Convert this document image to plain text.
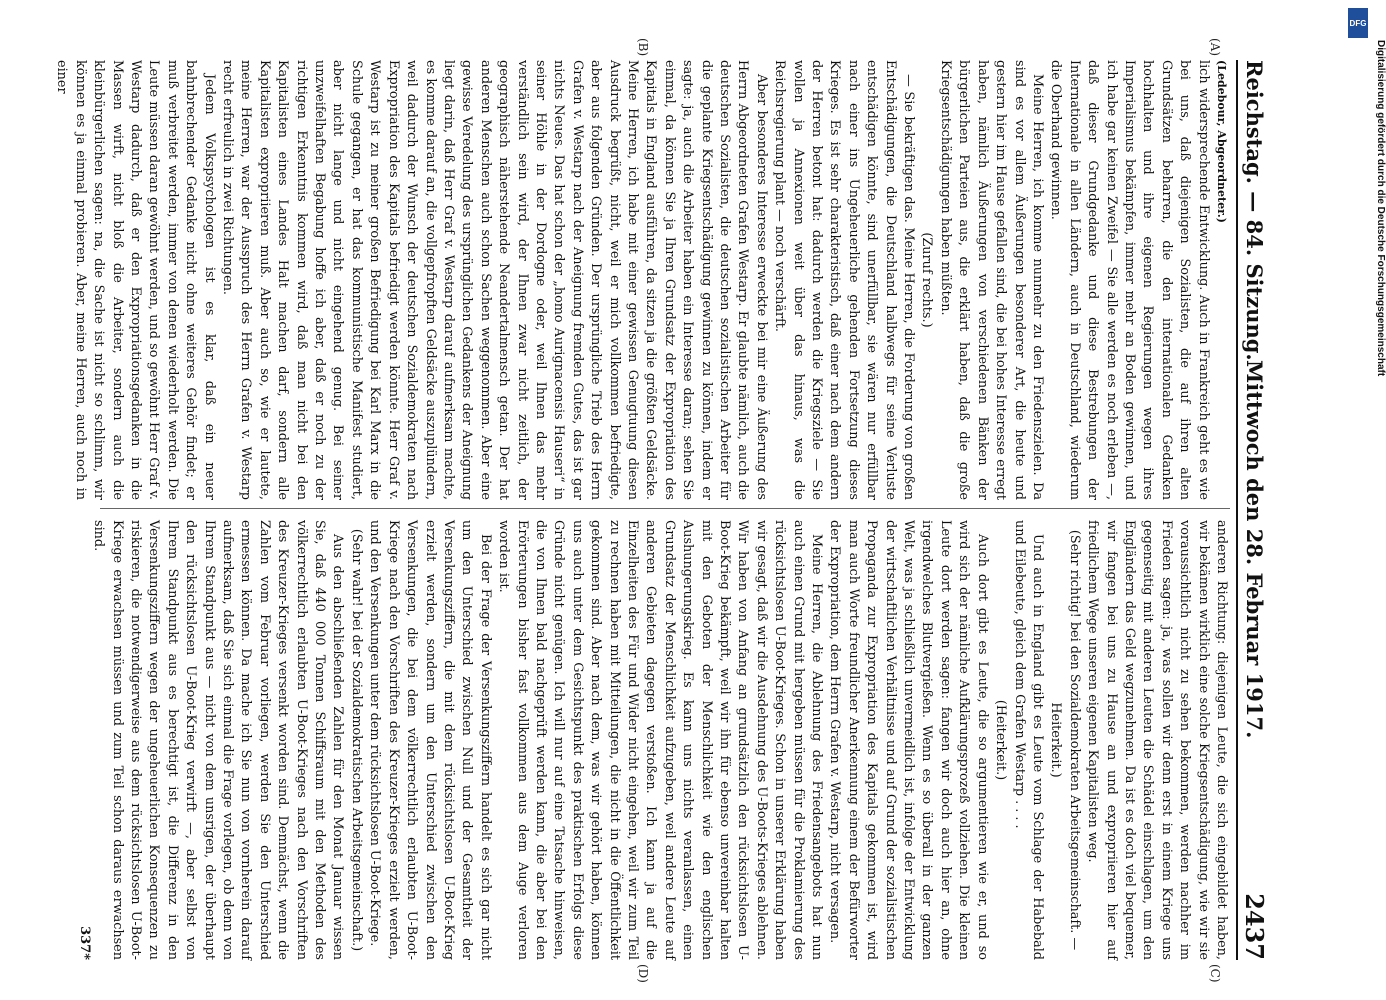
Reichstag. — 84. Sitzung.
Mittwoch den 28. Februar 1917.
2437
(A)
(B)
(C)
(D)

(Ledebour, Abgeordneter.)

lich widersprechende Entwicklung. Auch in Frankreich geht es wie bei uns, daß diejenigen Sozialisten, die auf ihren alten Grundsätzen beharren, die den internationalen Gedanken hochhalten und ihre eigenen Regierungen wegen ihres Imperialismus bekämpfen, immer mehr an Boden gewinnen, und ich habe gar keinen Zweifel — Sie alle werden es noch erleben —, daß dieser Grundgedanke und diese Bestrebungen der Internationale in allen Ländern, auch in Deutschland, wiederum die Oberhand gewinnen.

Meine Herren, ich komme nunmehr zu den Friedenszielen. Da sind es vor allem Äußerungen besonderer Art, die heute und gestern hier im Hause gefallen sind, die bei hohes Interesse erregt haben, nämlich Äußerungen von verschiedenen Bänken der bürgerlichen Parteien aus, die erklärt haben, daß die große Kriegsentschädigungen haben müßten.

(Zuruf rechts.)

— Sie bekräftigen das. Meine Herren, die Forderung von großen Entschädigungen, die Deutschland halbwegs für seine Verluste entschädigen könnte, sind unerfüllbar, sie wären nur erfüllbar nach einer ins Ungeheuerliche gehenden Fortsetzung dieses Krieges. Es ist sehr charakteristisch, daß einer nach dem andern der Herren betont hat: dadurch werden die Kriegsziele — Sie wollen ja Annexionen weit über das hinaus, was die Reichsregierung plant — noch verschärft.

Aber besonderes Interesse erweckte bei mir eine Äußerung des Herrn Abgeordneten Grafen Westarp. Er glaubte nämlich, auch die deutschen Sozialisten, die deutschen sozialistischen Arbeiter für die geplante Kriegsentschädigung gewinnen zu können, indem er sagte: ja, auch die Arbeiter haben ein Interesse daran; sehen Sie einmal, da können Sie ja Ihren Grundsatz der Expropriation des Kapitals in England ausführen, da sitzen ja die größten Geldsäcke. Meine Herren, ich habe mit einer gewissen Genugtuung diesen Ausdruck begrüßt, nicht, weil er mich vollkommen befriedigte, aber aus folgenden Gründen. Der ursprüngliche Trieb des Herrn Grafen v. Westarp nach der Aneignung fremden Gutes, das ist gar nichts Neues. Das hat schon der „homo Aurignacensis Hauseri“ in seiner Höhle in der Dordogne oder, weil Ihnen das mehr verständlich sein wird, der Ihnen zwar nicht zeitlich, der geographisch näherstehende Neandertalmensch getan. Der hat anderen Menschen auch schon Sachen weggenommen. Aber eine gewisse Veredelung des ursprünglichen Gedankens der Aneignung liegt darin, daß Herr Graf v. Westarp darauf aufmerksam machte, es komme darauf an, die vollgepfropften Geldsäcke auszuplündern, weil dadurch der Wunsch der deutschen Sozialdemokraten nach Expropriation des Kapitals befriedigt werden könnte. Herr Graf v. Westarp ist zu meiner großen Befriedigung bei Karl Marx in die Schule gegangen, er hat das kommunistische Manifest studiert, aber nicht lange und nicht eingehend genug. Bei seiner unzweifelhaften Begabung hoffe ich aber, daß er noch zu der richtigen Erkenntnis kommen wird, daß man nicht bei den Kapitalisten eines Landes Halt machen darf, sondern alle Kapitalisten expropriieren muß. Aber auch so, wie er lautete, meine Herren, war der Ausspruch des Herrn Grafen v. Westarp recht erfreulich in zwei Richtungen.

Jedem Volkspsychologen ist es klar, daß ein neuer bahnbrechender Gedanke nicht ohne weiteres Gehör findet; er muß verbreitet werden, immer von denen wiederholt werden. Die Leute müssen daran gewöhnt werden, und so gewöhnt Herr Graf v. Westarp dadurch, daß er den Expropriationsgedanken in die Massen wirft, nicht bloß die Arbeiter, sondern auch die kleinbürgerlichen sagen: na, die Sache ist nicht so schlimm, wir können es ja einmal probieren. Aber, meine Herren, auch noch in einer

anderen Richtung: diejenigen Leute, die sich eingebildet haben, wir bekämen wirklich eine solche Kriegsentschädigung, wie wir sie voraussichtlich nicht zu sehen bekommen, werden nachher im Frieden sagen: ja, was sollen wir denn erst in einem Kriege uns gegenseitig mit anderen Leuten die Schädel einschlagen, um den Engländern das Geld wegzunehmen. Da ist es doch viel bequemer, wir fangen bei uns zu Hause an und expropriieren hier auf friedlichem Wege unseren eigenen Kapitalisten weg.

(Sehr richtig! bei den Sozialdemokraten Arbeitsgemeinschaft. — Heiterkeit.)

Und auch in England gibt es Leute vom Schlage der Habebald und Eilebeute, gleich dem Grafen Westarp . . . .

(Heiterkeit.)

Auch dort gibt es Leute, die so argumentieren wie er, und so wird sich der nämliche Aufklärungsprozeß vollziehen. Die kleinen Leute dort werden sagen: fangen wir doch auch hier an, ohne irgendwelches Blutvergießen. Wenn es so überall in der ganzen Welt, was ja schließlich unvermeidlich ist, infolge der Entwicklung der wirtschaftlichen Verhältnisse und auf Grund der sozialistischen Propaganda zur Expropriation des Kapitals gekommen ist, wird man auch Worte freundlicher Anerkennung einem der Befürworter der Expropriation, dem Herrn Grafen v. Westarp, nicht versagen.

Meine Herren, die Ablehnung des Friedensangebots hat nun auch einen Grund mit hergeben müssen für die Proklamierung des rücksichtslosen U-Boot-Krieges. Schon in unserer Erklärung haben wir gesagt, daß wir die Ausdehnung des U-Boots-Krieges ablehnen. Wir haben von Anfang an grundsätzlich den rücksichtslosen U-Boot-Krieg bekämpft, weil wir ihn für ebenso unvereinbar halten mit den Geboten der Menschlichkeit wie den englischen Aushungerungskrieg. Es kann uns nichts veranlassen, einen Grundsatz der Menschlichkeit aufzugeben, weil andere Leute auf anderen Gebieten dagegen verstoßen. Ich kann ja auf die Einzelheiten des Für und Wider nicht eingehen, weil wir zum Teil zu rechnen haben mit Mitteilungen, die nicht in die Öffentlichkeit gekommen sind. Aber nach dem, was wir gehört haben, können uns auch unter dem Gesichtspunkt des praktischen Erfolgs diese Gründe nicht genügen. Ich will nur auf eine Tatsache hinweisen, die von Ihnen bald nachgeprüft werden kann, die aber bei den Erörterungen bisher fast vollkommen aus dem Auge verloren worden ist.

Bei der Frage der Versenkungsziffern handelt es sich gar nicht um den Unterschied zwischen Null und der Gesamtheit der Versenkungsziffern, die mit dem rücksichtslosen U-Boot-Krieg erzielt werden, sondern um den Unterschied zwischen den Versenkungen, die bei dem völkerrechtlich erlaubten U-Boot-Kriege nach den Vorschriften des Kreuzer-Krieges erzielt werden, und den Versenkungen unter dem rücksichtslosen U-Boot-Kriege.

(Sehr wahr! bei der Sozialdemokratischen Arbeitsgemeinschaft.)

Aus den abschließenden Zahlen für den Monat Januar wissen Sie, daß 440 000 Tonnen Schiffsraum mit den Methoden des völkerrechtlich erlaubten U-Boot-Krieges nach den Vorschriften des Kreuzer-Krieges versenkt worden sind. Demnächst, wenn die Zahlen vom Februar vorliegen, werden Sie den Unterschied ermessen können. Da mache ich Sie nun von vornherein darauf aufmerksam, daß Sie sich einmal die Frage vorlegen, ob denn von Ihrem Standpunkt aus — nicht von dem unsrigen, der überhaupt den rücksichtslosen U-Boot-Krieg verwirft —, aber selbst von Ihrem Standpunkt aus es berechtigt ist, die Differenz in den Versenkungsziffern wegen der ungeheuerlichen Konsequenzen zu riskieren, die notwendigerweise aus dem rücksichtslosen U-Boot-Kriege erwachsen müssen und zum Teil schon daraus erwachsen sind.

337*
DFG
Digitalisierung gefördert durch die Deutsche Forschungsgemeinschaft
